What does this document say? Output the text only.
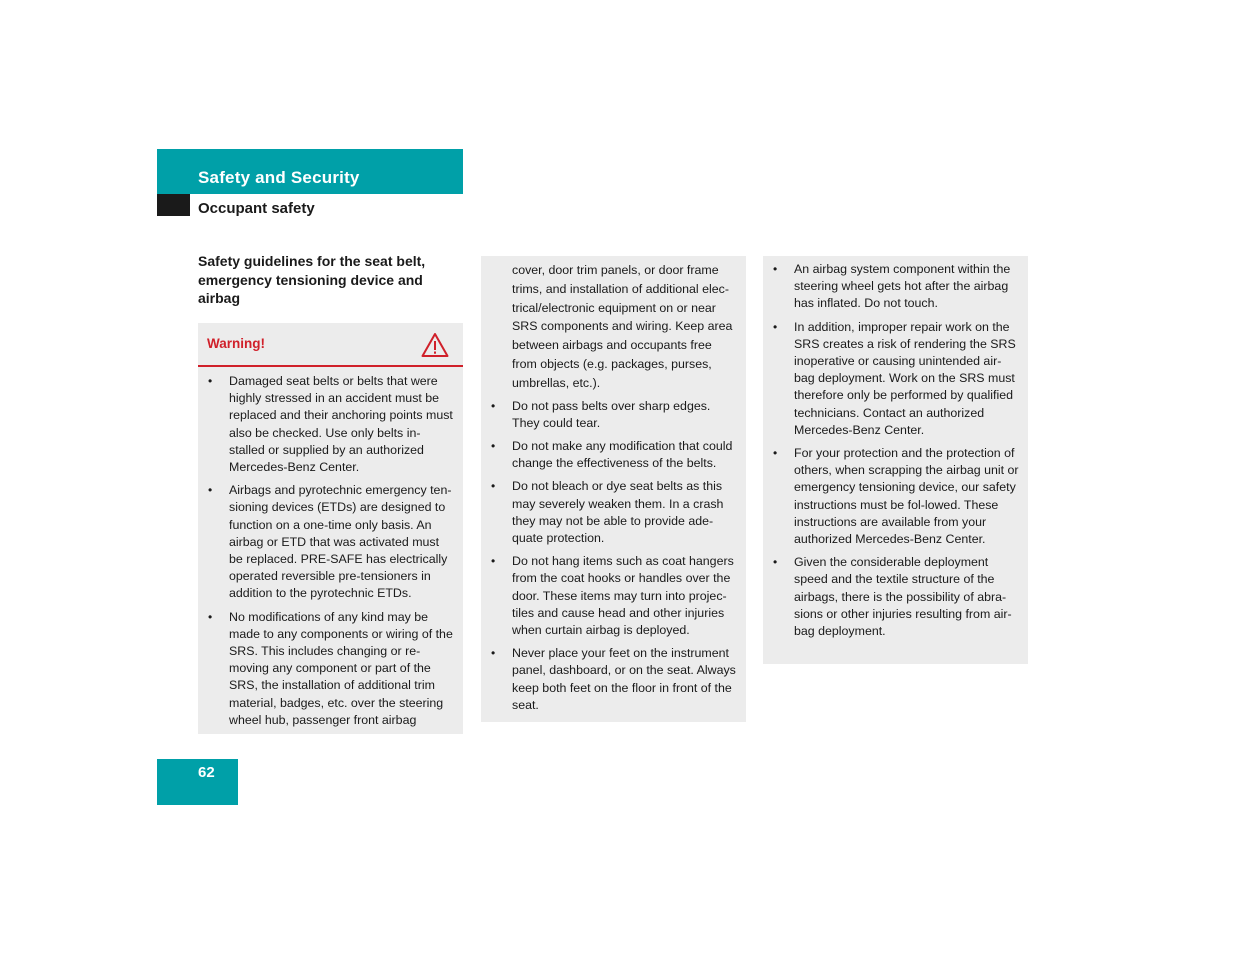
Safety and Security
Occupant safety
Safety guidelines for the seat belt, emergency tensioning device and airbag
Warning!
• Damaged seat belts or belts that were highly stressed in an accident must be replaced and their anchoring points must also be checked. Use only belts in-stalled or supplied by an authorized Mercedes-Benz Center.
• Airbags and pyrotechnic emergency ten-sioning devices (ETDs) are designed to function on a one-time only basis. An airbag or ETD that was activated must be replaced. PRE-SAFE has electrically operated reversible pre-tensioners in addition to the pyrotechnic ETDs.
• No modifications of any kind may be made to any components or wiring of the SRS. This includes changing or re-moving any component or part of the SRS, the installation of additional trim material, badges, etc. over the steering wheel hub, passenger front airbag
cover, door trim panels, or door frame trims, and installation of additional elec-trical/electronic equipment on or near SRS components and wiring. Keep area between airbags and occupants free from objects (e.g. packages, purses, umbrellas, etc.).
• Do not pass belts over sharp edges. They could tear.
• Do not make any modification that could change the effectiveness of the belts.
• Do not bleach or dye seat belts as this may severely weaken them. In a crash they may not be able to provide ade-quate protection.
• Do not hang items such as coat hangers from the coat hooks or handles over the door. These items may turn into projec-tiles and cause head and other injuries when curtain airbag is deployed.
• Never place your feet on the instrument panel, dashboard, or on the seat. Always keep both feet on the floor in front of the seat.
• An airbag system component within the steering wheel gets hot after the airbag has inflated. Do not touch.
• In addition, improper repair work on the SRS creates a risk of rendering the SRS inoperative or causing unintended air-bag deployment. Work on the SRS must therefore only be performed by qualified technicians. Contact an authorized Mercedes-Benz Center.
• For your protection and the protection of others, when scrapping the airbag unit or emergency tensioning device, our safety instructions must be fol-lowed. These instructions are available from your authorized Mercedes-Benz Center.
• Given the considerable deployment speed and the textile structure of the airbags, there is the possibility of abra-sions or other injuries resulting from air-bag deployment.
62
